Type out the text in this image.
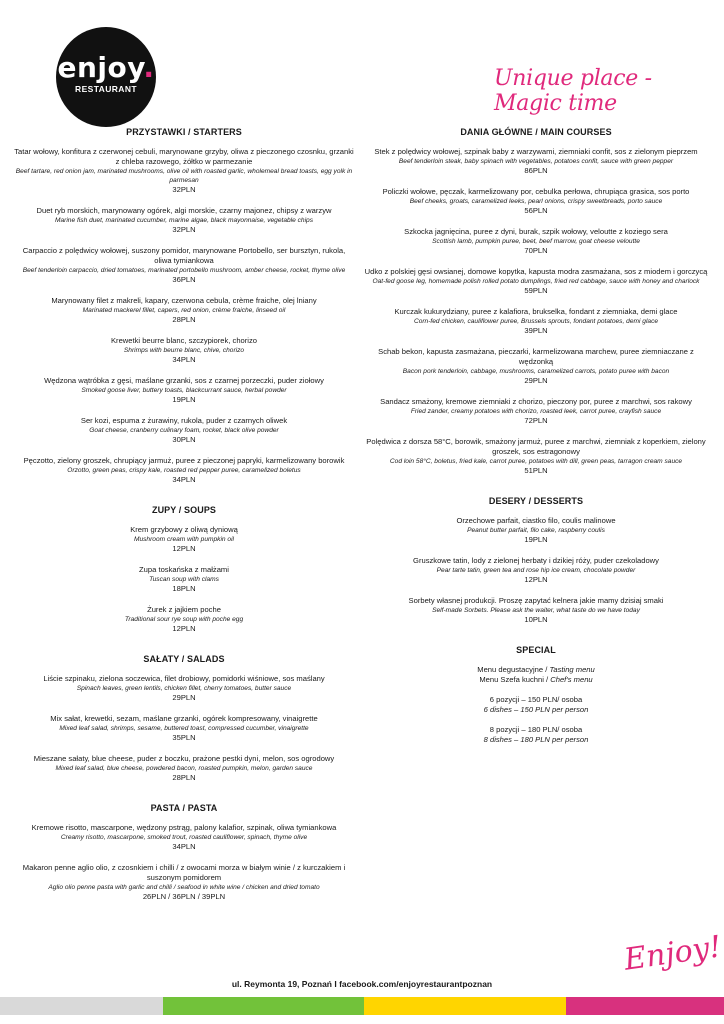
enjoy.
RESTAURANT	Unique place - Magic time
PRZYSTAWKI / STARTERS
Tatar wołowy, konfitura z czerwonej cebuli, marynowane grzyby, oliwa z pieczonego czosnku, grzanki z chleba razowego, żółtko w parmezanie
Beef tartare, red onion jam, marinated mushrooms, olive oil with roasted garlic, wholemeal bread toasts, egg yolk in parmesan
32PLN
Duet ryb morskich, marynowany ogórek, algi morskie, czarny majonez, chipsy z warzyw
Marine fish duet, marinated cucumber, marine algae, black mayonnaise, vegetable chips
32PLN
Carpaccio z polędwicy wołowej, suszony pomidor, marynowane Portobello, ser bursztyn, rukola, oliwa tymiankowa
Beef tenderloin carpaccio, dried tomatoes, marinated portobello mushroom, amber cheese, rocket, thyme olive
36PLN
Marynowany filet z makreli, kapary, czerwona cebula, crème fraiche, olej lniany
Marinated mackerel fillet, capers, red onion, crème fraiche, linseed oil
28PLN
Krewetki beurre blanc, szczypiorek, chorizo
Shrimps with beurre blanc, chive, chorizo
34PLN
Wędzona wątróbka z gęsi, maślane grzanki, sos z czarnej porzeczki, puder ziołowy
Smoked goose liver, buttery toasts, blackcurrant sauce, herbal powder
19PLN
Ser kozi, espuma z żurawiny, rukola, puder z czarnych oliwek
Goat cheese, cranberry culinary foam, rocket, black olive powder
30PLN
Pęczotto, zielony groszek, chrupiący jarmuż, puree z pieczonej papryki, karmelizowany borowik
Orzotto, green peas, crispy kale, roasted red pepper puree, caramelized boletus
34PLN
ZUPY / SOUPS
Krem grzybowy z oliwą dyniową
Mushroom cream with pumpkin oil
12PLN
Zupa toskańska z małżami
Tuscan soup with clams
18PLN
Żurek z jajkiem poche
Traditional sour rye soup with poche egg
12PLN
SAŁATY / SALADS
Liście szpinaku, zielona soczewica, filet drobiowy, pomidorki wiśniowe, sos maślany
Spinach leaves, green lentils, chicken fillet, cherry tomatoes, butter sauce
29PLN
Mix sałat, krewetki, sezam, maślane grzanki, ogórek kompresowany, vinaigrette
Mixed leaf salad, shrimps, sesame, buttered toast, compressed cucumber, vinaigrette
35PLN
Mieszane sałaty, blue cheese, puder z boczku, prażone pestki dyni, melon, sos ogrodowy
Mixed leaf salad, blue cheese, powdered bacon, roasted pumpkin, melon, garden sauce
28PLN
PASTA / PASTA
Kremowe risotto, mascarpone, wędzony pstrąg, palony kalafior, szpinak, oliwa tymiankowa
Creamy risotto, mascarpone, smoked trout, roasted cauliflower, spinach, thyme olive
34PLN
Makaron penne aglio olio, z czosnkiem i chilli / z owocami morza w białym winie / z kurczakiem i suszonym pomidorem
Aglio olio penne pasta with garlic and chilli / seafood in white wine / chicken and dried tomato
26PLN / 36PLN / 39PLN
DANIA GŁÓWNE / MAIN COURSES
Stek z polędwicy wołowej, szpinak baby z warzywami, ziemniaki confit, sos z zielonym pieprzem
Beef tenderloin steak, baby spinach with vegetables, potatoes confit, sauce with green pepper
86PLN
Policzki wołowe, pęczak, karmelizowany por, cebulka perłowa, chrupiąca grasica, sos porto
Beef cheeks, groats, caramelized leeks, pearl onions, crispy sweetbreads, porto sauce
56PLN
Szkocka jagnięcina, puree z dyni, burak, szpik wołowy, veloutte z koziego sera
Scottish lamb, pumpkin puree, beet, beef marrow, goat cheese veloutte
70PLN
Udko z polskiej gęsi owsianej, domowe kopytka, kapusta modra zasmażana, sos z miodem i gorczycą
Oat-fed goose leg, homemade polish rolled potato dumplings, fried red cabbage, sauce with honey and charlock
59PLN
Kurczak kukurydziany, puree z kalafiora, brukselka, fondant z ziemniaka, demi glace
Corn-fed chicken, cauliflower puree, Brussels sprouts, fondant potatoes, demi glace
39PLN
Schab bekon, kapusta zasmażana, pieczarki, karmelizowana marchew, puree ziemniaczane z wędzonką
Bacon pork tenderloin, cabbage, mushrooms, caramelized carrots, potato puree with bacon
29PLN
Sandacz smażony, kremowe ziemniaki z chorizo, pieczony por, puree z marchwi, sos rakowy
Fried zander, creamy potatoes with chorizo, roasted leek, carrot puree, crayfish sauce
72PLN
Polędwica z dorsza 58°C, borowik, smażony jarmuż, puree z marchwi, ziemniak z koperkiem, zielony groszek, sos estragonowy
Cod loin 58°C, boletus, fried kale, carrot puree, potatoes with dill, green peas, tarragon cream sauce
51PLN
DESERY / DESSERTS
Orzechowe parfait, ciastko filo, coulis malinowe
Peanut butter parfait, filo cake, raspberry coulis
19PLN
Gruszkowe tatin, lody z zielonej herbaty i dzikiej róży, puder czekoladowy
Pear tarte tatin, green tea and rose hip ice cream, chocolate powder
12PLN
Sorbety własnej produkcji. Proszę zapytać kelnera jakie mamy dzisiaj smaki
Self-made Sorbets. Please ask the waiter, what taste do we have today
10PLN
SPECIAL
Menu degustacyjne / Tasting menu
Menu Szefa kuchni / Chef's menu
6 pozycji – 150 PLN/ osoba
6 dishes – 150 PLN per person
8 pozycji – 180 PLN/ osoba
8 dishes – 180 PLN per person
Enjoy!
ul. Reymonta 19, Poznań I facebook.com/enjoyrestaurantpoznan
